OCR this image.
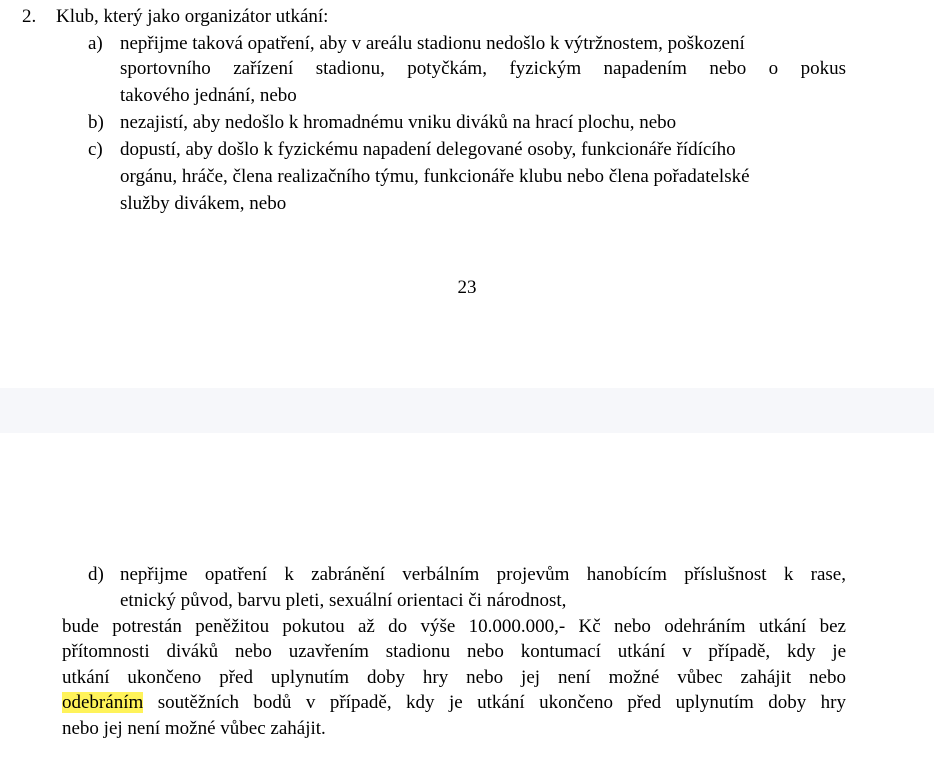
2. Klub, který jako organizátor utkání:
a) nepřijme taková opatření, aby v areálu stadionu nedošlo k výtržnostem, poškození
sportovního zařízení stadionu, potyčkám, fyzickým napadením nebo o pokus
takového jednání, nebo
b) nezajistí, aby nedošlo k hromadnému vniku diváků na hrací plochu, nebo
c) dopustí, aby došlo k fyzickému napadení delegované osoby, funkcionáře řídícího
orgánu, hráče, člena realizačního týmu, funkcionáře klubu nebo člena pořadatelské
služby divákem, nebo
23
d) nepřijme opatření k zabránění verbálním projevům hanobícím příslušnost k rase,
etnický původ, barvu pleti, sexuální orientaci či národnost,
bude potrestán peněžitou pokutou až do výše 10.000.000,- Kč nebo odehráním utkání bez
přítomnosti diváků nebo uzavřením stadionu nebo kontumací utkání v případě, kdy je
utkání ukončeno před uplynutím doby hry nebo jej není možné vůbec zahájit nebo
odebráním soutěžních bodů v případě, kdy je utkání ukončeno před uplynutím doby hry
nebo jej není možné vůbec zahájit.
